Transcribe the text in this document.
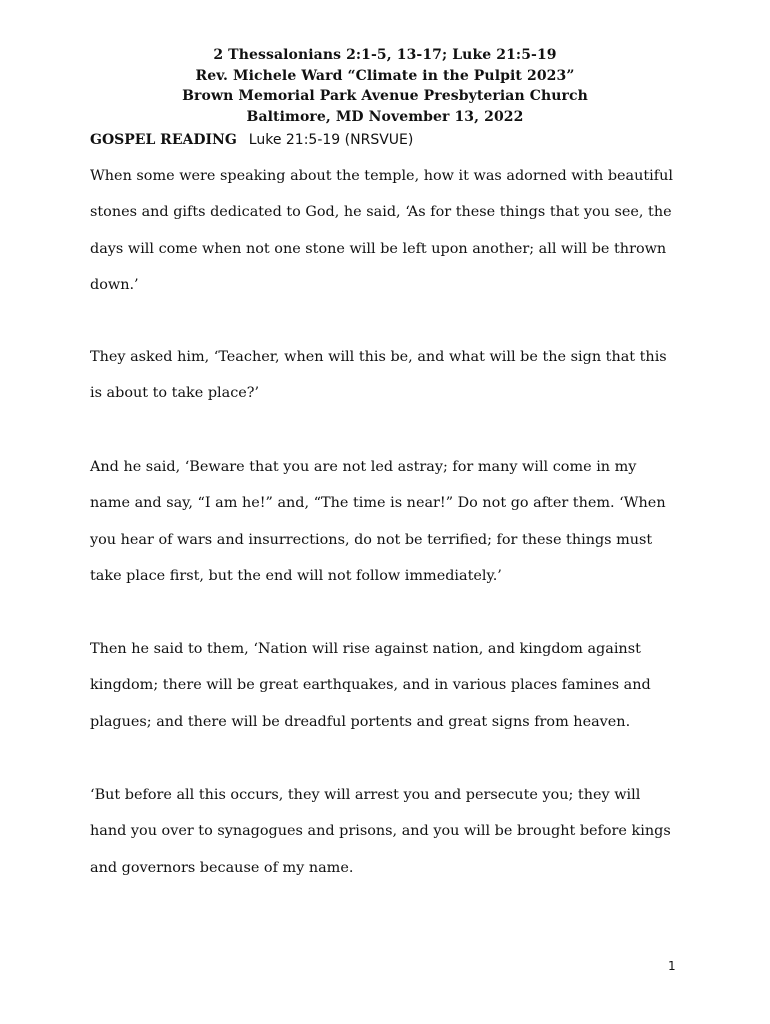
2 Thessalonians 2:1-5, 13-17; Luke 21:5-19
Rev. Michele Ward “Climate in the Pulpit 2023”
Brown Memorial Park Avenue Presbyterian Church
Baltimore, MD November 13, 2022
GOSPEL READING Luke 21:5-19 (NRSVUE)
When some were speaking about the temple, how it was adorned with beautiful
stones and gifts dedicated to God, he said, ‘As for these things that you see, the
days will come when not one stone will be left upon another; all will be thrown
down.’
They asked him, ‘Teacher, when will this be, and what will be the sign that this
is about to take place?’
And he said, ‘Beware that you are not led astray; for many will come in my
name and say, “I am he!” and, “The time is near!” Do not go after them. ‘When
you hear of wars and insurrections, do not be terrified; for these things must
take place first, but the end will not follow immediately.’
Then he said to them, ‘Nation will rise against nation, and kingdom against
kingdom; there will be great earthquakes, and in various places famines and
plagues; and there will be dreadful portents and great signs from heaven.
‘But before all this occurs, they will arrest you and persecute you; they will
hand you over to synagogues and prisons, and you will be brought before kings
and governors because of my name.
1
